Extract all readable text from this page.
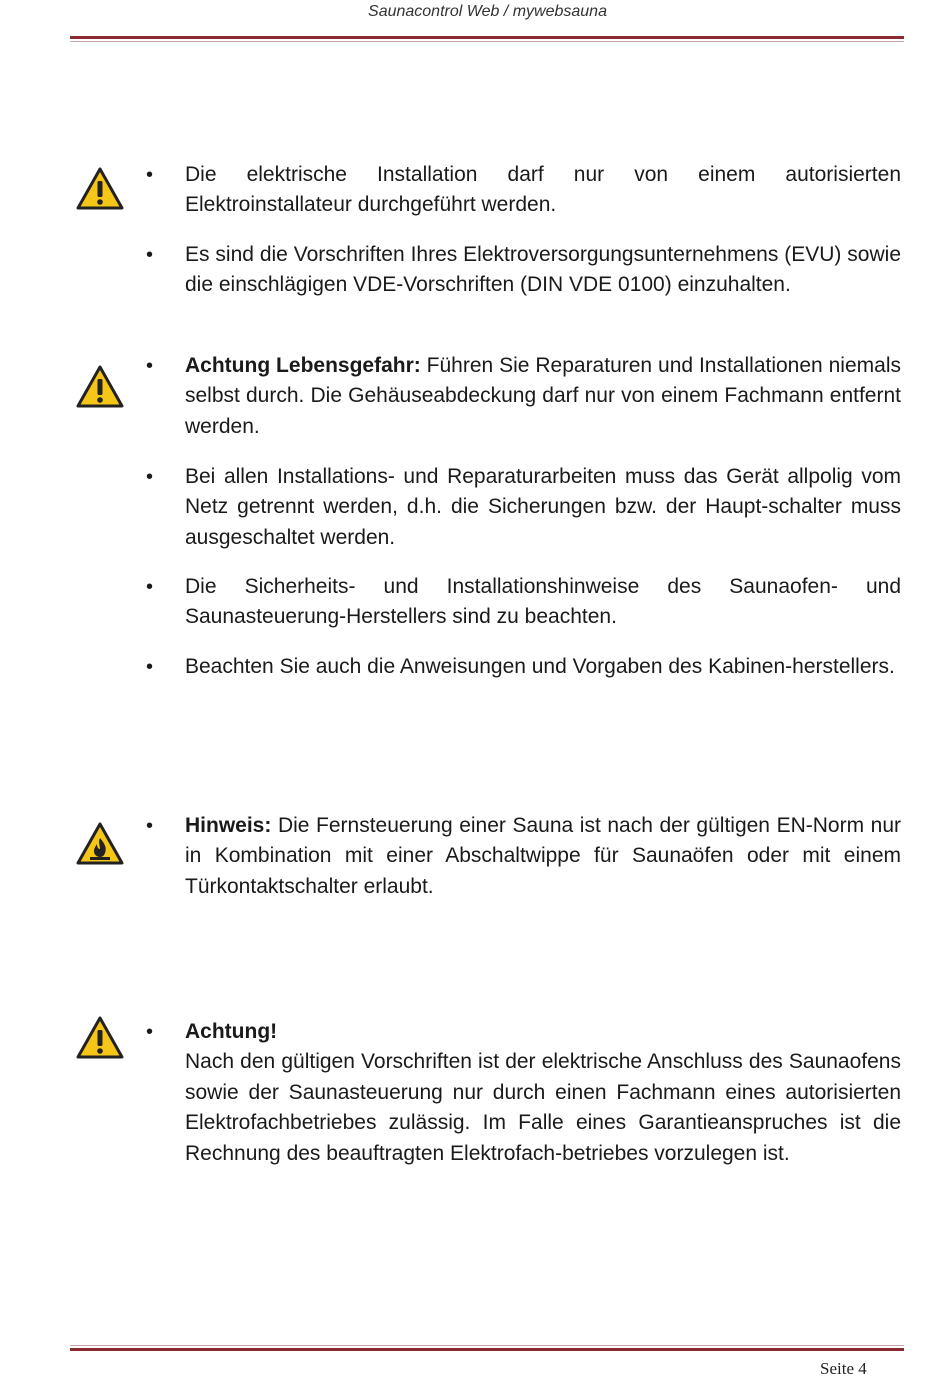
Saunacontrol Web / mywebsauna
• Die elektrische Installation darf nur von einem autorisierten Elektroinstallateur durchgeführt werden.
• Es sind die Vorschriften Ihres Elektroversorgungsunternehmens (EVU) sowie die einschlägigen VDE-Vorschriften (DIN VDE 0100) einzuhalten.
• Achtung Lebensgefahr: Führen Sie Reparaturen und Installationen niemals selbst durch. Die Gehäuseabdeckung darf nur von einem Fachmann entfernt werden.
• Bei allen Installations- und Reparaturarbeiten muss das Gerät allpolig vom Netz getrennt werden, d.h. die Sicherungen bzw. der Haupt-schalter muss ausgeschaltet werden.
• Die Sicherheits- und Installationshinweise des Saunaofen- und Saunasteuerung-Herstellers sind zu beachten.
• Beachten Sie auch die Anweisungen und Vorgaben des Kabinen-herstellers.
• Hinweis: Die Fernsteuerung einer Sauna ist nach der gültigen EN-Norm nur in Kombination mit einer Abschaltwippe für Saunaöfen oder mit einem Türkontaktschalter erlaubt.
• Achtung!
Nach den gültigen Vorschriften ist der elektrische Anschluss des Saunaofens sowie der Saunasteuerung nur durch einen Fachmann eines autorisierten Elektrofachbetriebes zulässig. Im Falle eines Garantieanspruches ist die Rechnung des beauftragten Elektrofach-betriebes vorzulegen ist.
Seite 4
